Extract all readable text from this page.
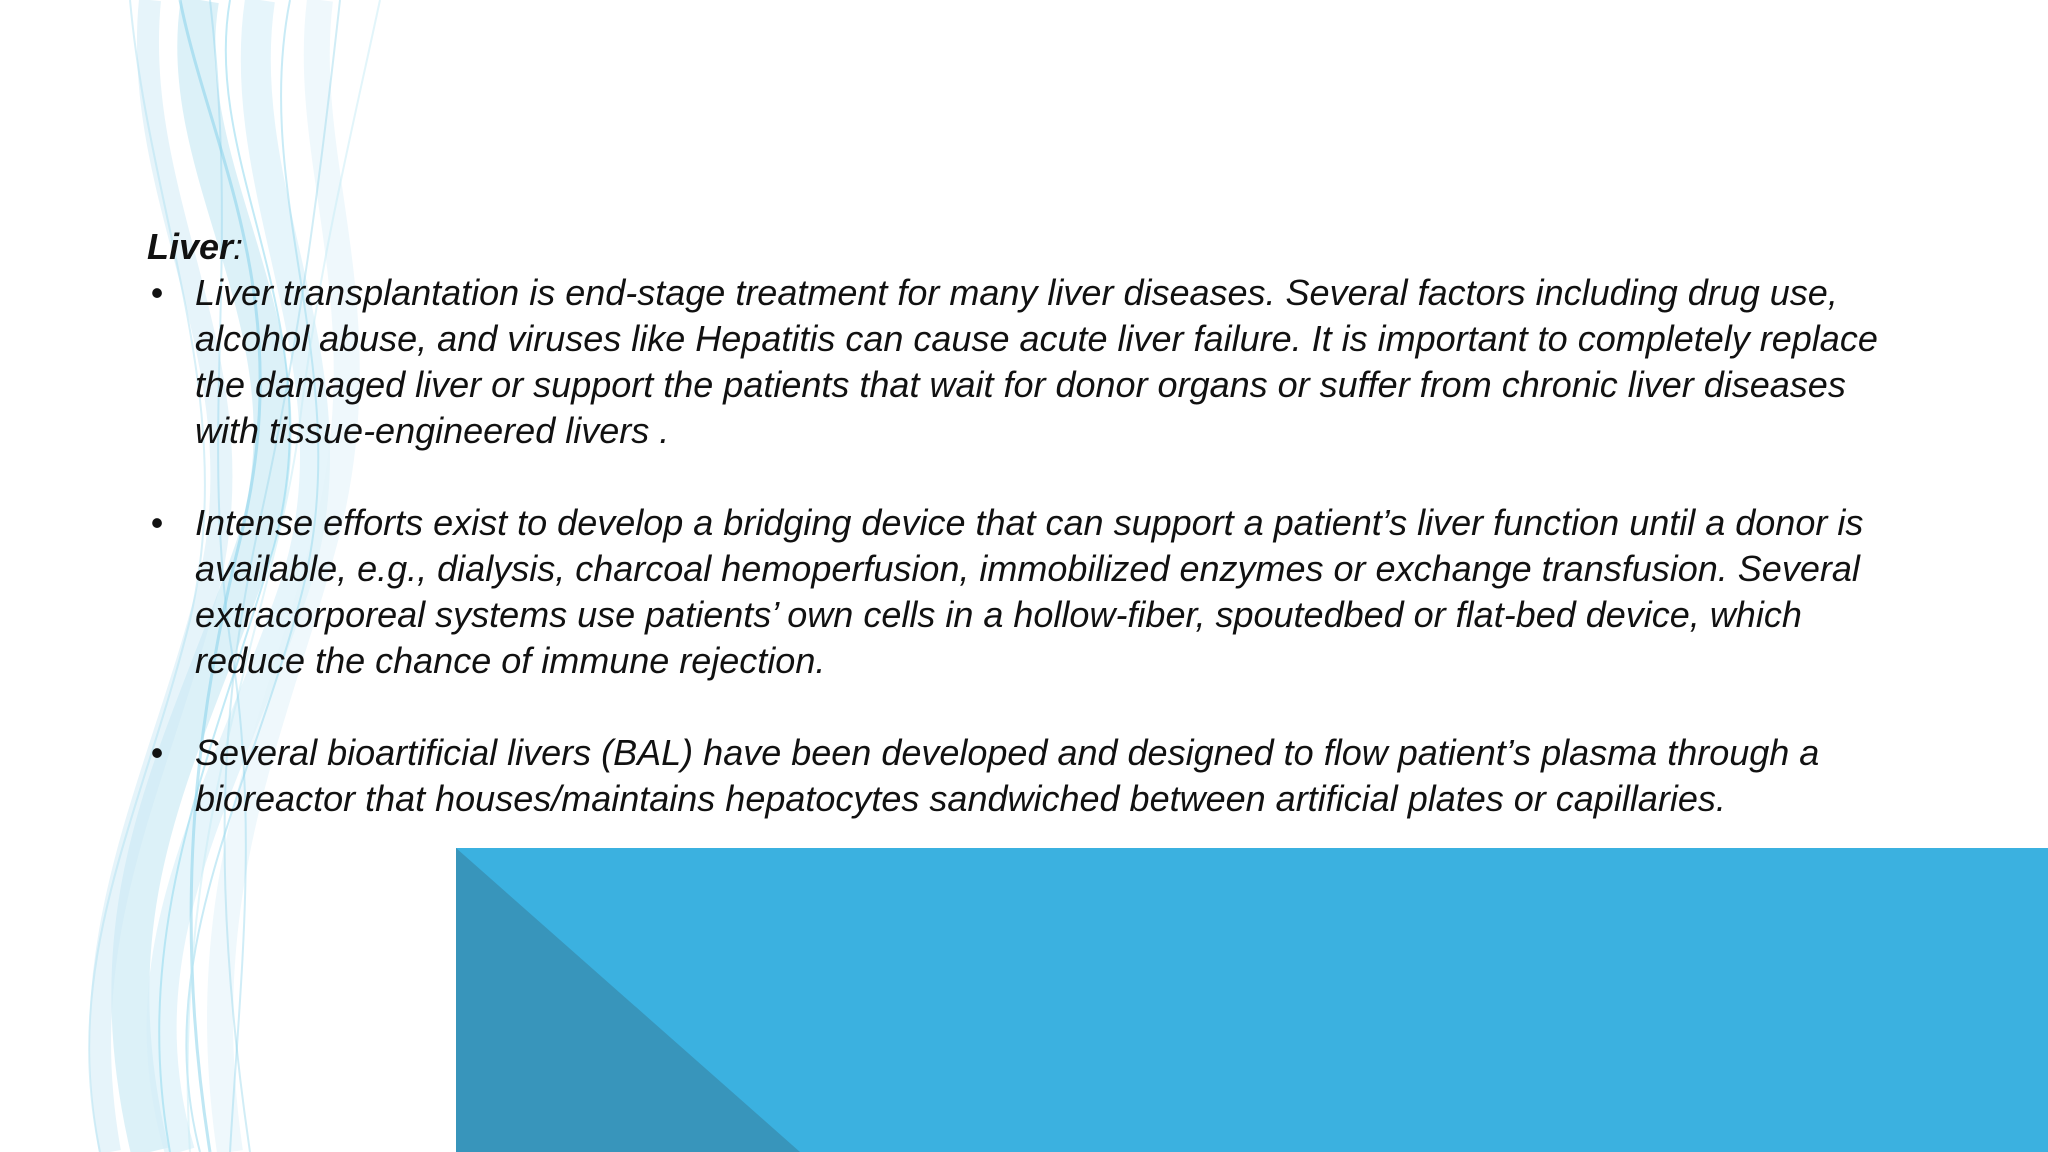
Liver:

• Liver transplantation is end-stage treatment for many liver diseases. Several factors including drug use, alcohol abuse, and viruses like Hepatitis can cause acute liver failure. It is important to completely replace the damaged liver or support the patients that wait for donor organs or suffer from chronic liver diseases with tissue-engineered livers .
• Intense efforts exist to develop a bridging device that can support a patient’s liver function until a donor is available, e.g., dialysis, charcoal hemoperfusion, immobilized enzymes or exchange transfusion. Several extracorporeal systems use patients’ own cells in a hollow-fiber, spoutedbed or flat-bed device, which reduce the chance of immune rejection.
• Several bioartificial livers (BAL) have been developed and designed to flow patient’s plasma through a bioreactor that houses/maintains hepatocytes sandwiched between artificial plates or capillaries.
